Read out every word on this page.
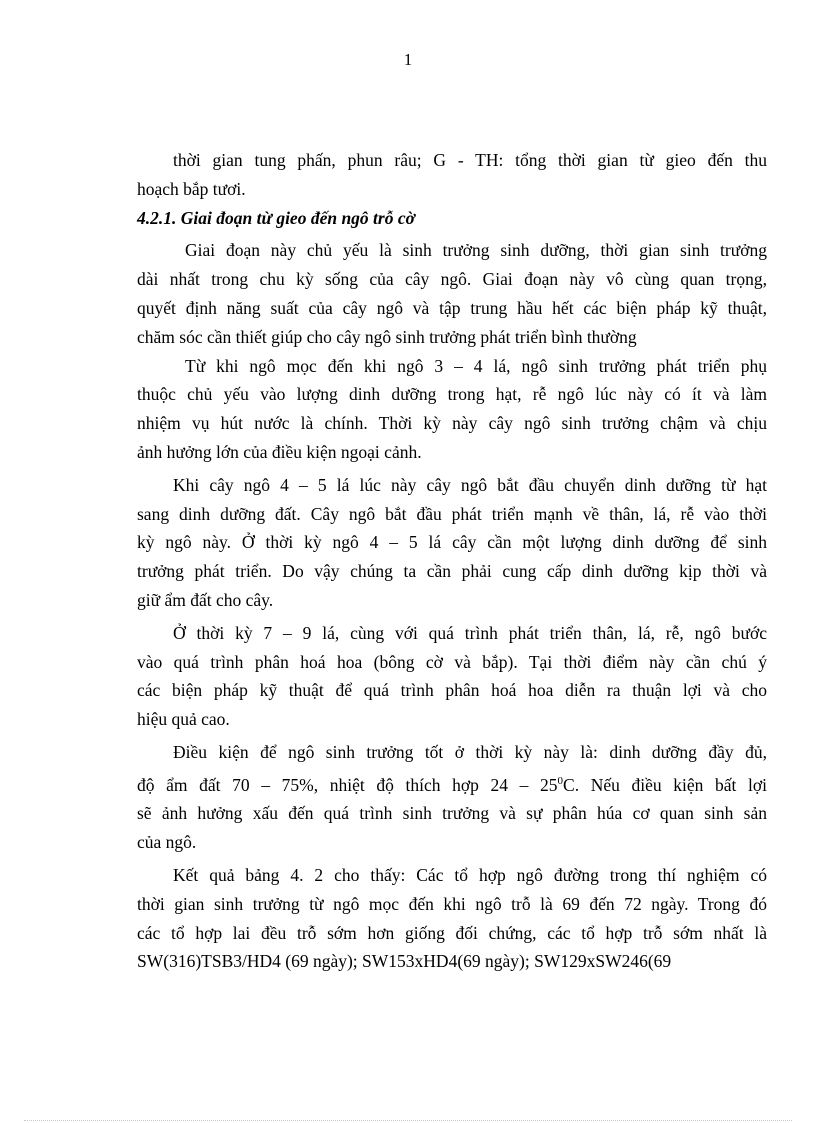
1
thời gian tung phấn, phun râu; G - TH: tổng thời gian từ gieo đến thu
hoạch bắp tươi.
4.2.1. Giai đoạn từ gieo đến ngô trỗ cờ
Giai đoạn này chủ yếu là sinh trưởng sinh dưỡng, thời gian sinh trưởng
dài nhất trong chu kỳ sống của cây ngô. Giai đoạn này vô cùng quan trọng,
quyết định năng suất của cây ngô và tập trung hầu hết các biện pháp kỹ thuật,
chăm sóc cần thiết giúp cho cây ngô sinh trưởng phát triển bình thường
Từ khi ngô mọc đến khi ngô 3 – 4 lá, ngô sinh trưởng phát triển phụ
thuộc chủ yếu vào lượng dinh dưỡng trong hạt, rễ ngô lúc này có ít và làm
nhiệm vụ hút nước là chính. Thời kỳ này cây ngô sinh trưởng chậm và chịu
ảnh hưởng lớn của điều kiện ngoại cảnh.
Khi cây ngô 4 – 5 lá lúc này cây ngô bắt đầu chuyển dinh dưỡng từ hạt
sang dinh dưỡng đất. Cây ngô bắt đầu phát triển mạnh về thân, lá, rễ vào thời
kỳ ngô này. Ở thời kỳ ngô 4 – 5 lá cây cần một lượng dinh dưỡng để sinh
trưởng phát triển. Do vậy chúng ta cần phải cung cấp dinh dưỡng kịp thời và
giữ ẩm đất cho cây.
Ở thời kỳ 7 – 9 lá, cùng với quá trình phát triển thân, lá, rễ, ngô bước
vào quá trình phân hoá hoa (bông cờ và bắp). Tại thời điểm này cần chú ý
các biện pháp kỹ thuật để quá trình phân hoá hoa diễn ra thuận lợi và cho
hiệu quả cao.
Điều kiện để ngô sinh trưởng tốt ở thời kỳ này là: dinh dưỡng đầy đủ,
độ ẩm đất 70 – 75%, nhiệt độ thích hợp $24 - 25^0C$. Nếu điều kiện bất lợi
sẽ ảnh hưởng xấu đến quá trình sinh trưởng và sự phân húa cơ quan sinh sản
của ngô.
Kết quả bảng 4. 2 cho thấy: Các tổ hợp ngô đường trong thí nghiệm có
thời gian sinh trưởng từ ngô mọc đến khi ngô trỗ là 69 đến 72 ngày. Trong đó
các tổ hợp lai đều trỗ sớm hơn giống đối chứng, các tổ hợp trỗ sớm nhất là
SW(316)TSB3/HD4 (69 ngày); SW153xHD4(69 ngày); SW129xSW246(69
